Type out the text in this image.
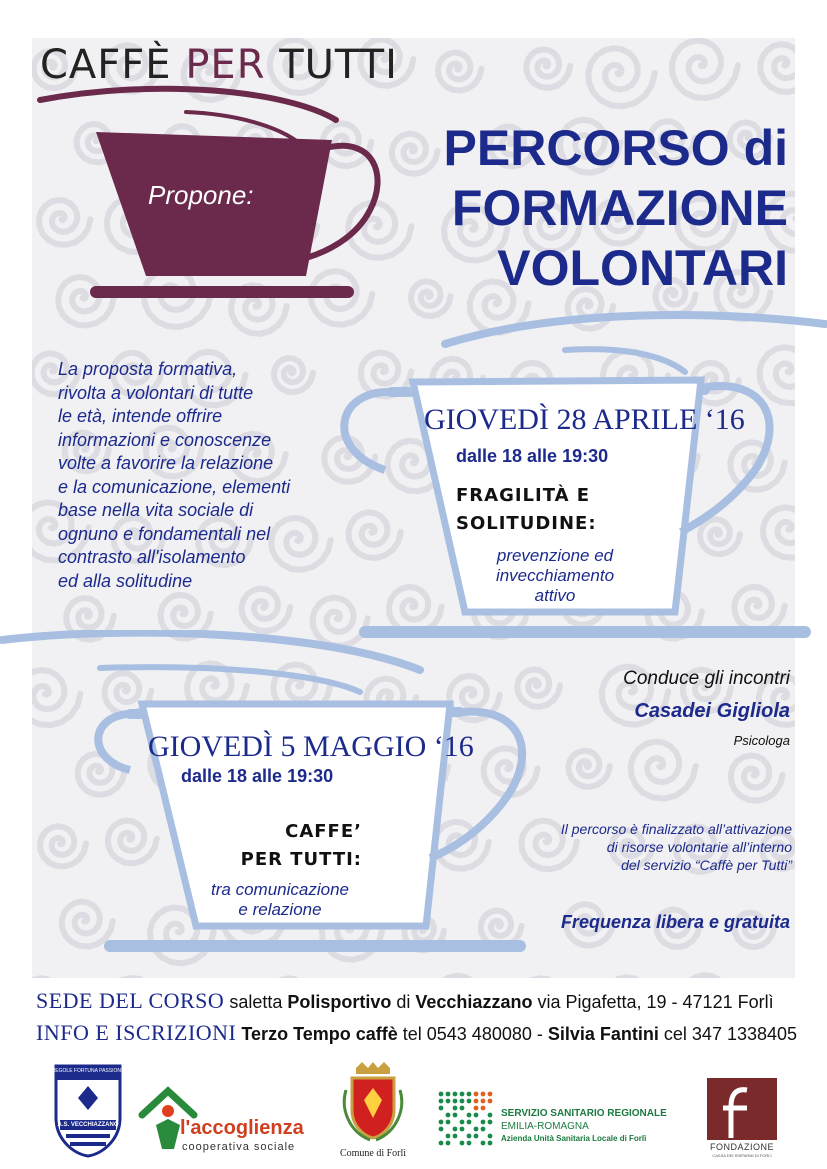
CAFFÈ PER TUTTI
Propone:
PERCORSO di
FORMAZIONE
VOLONTARI
La proposta formativa,
rivolta a volontari di tutte
le età, intende offrire
informazioni e conoscenze
volte a favorire la relazione
e la comunicazione, elementi
base nella vita sociale di
ognuno e fondamentali nel
contrasto all'isolamento
ed alla solitudine
GIOVEDÌ 28 APRILE ‘16
dalle 18 alle 19:30
FRAGILITÀ E
SOLITUDINE:
prevenzione ed
invecchiamento
attivo
GIOVEDÌ 5 MAGGIO ‘16
dalle 18 alle 19:30
CAFFE’
PER TUTTI:
tra comunicazione
e relazione
Conduce gli incontri
Casadei Gigliola
Psicologa
Il percorso è finalizzato all’attivazione
di risorse volontarie all’interno
del servizio “Caffè per Tutti”
Frequenza libera e gratuita
SEDE DEL CORSO saletta Polisportivo di Vecchiazzano via Pigafetta, 19 - 47121 Forlì
INFO E ISCRIZIONI Terzo Tempo caffè tel 0543 480080 - Silvia Fantini cel 347 1338405
A.S. VECCHIAZZANO
REGOLE FORTUNA PASSIONE
l'accoglienza
cooperativa sociale
Comune di Forlì
SERVIZIO SANITARIO REGIONALE
EMILIA-ROMAGNA
Azienda Unità Sanitaria Locale di Forlì
FONDAZIONE
CASSA DEI RISPARMI DI FORLÌ
